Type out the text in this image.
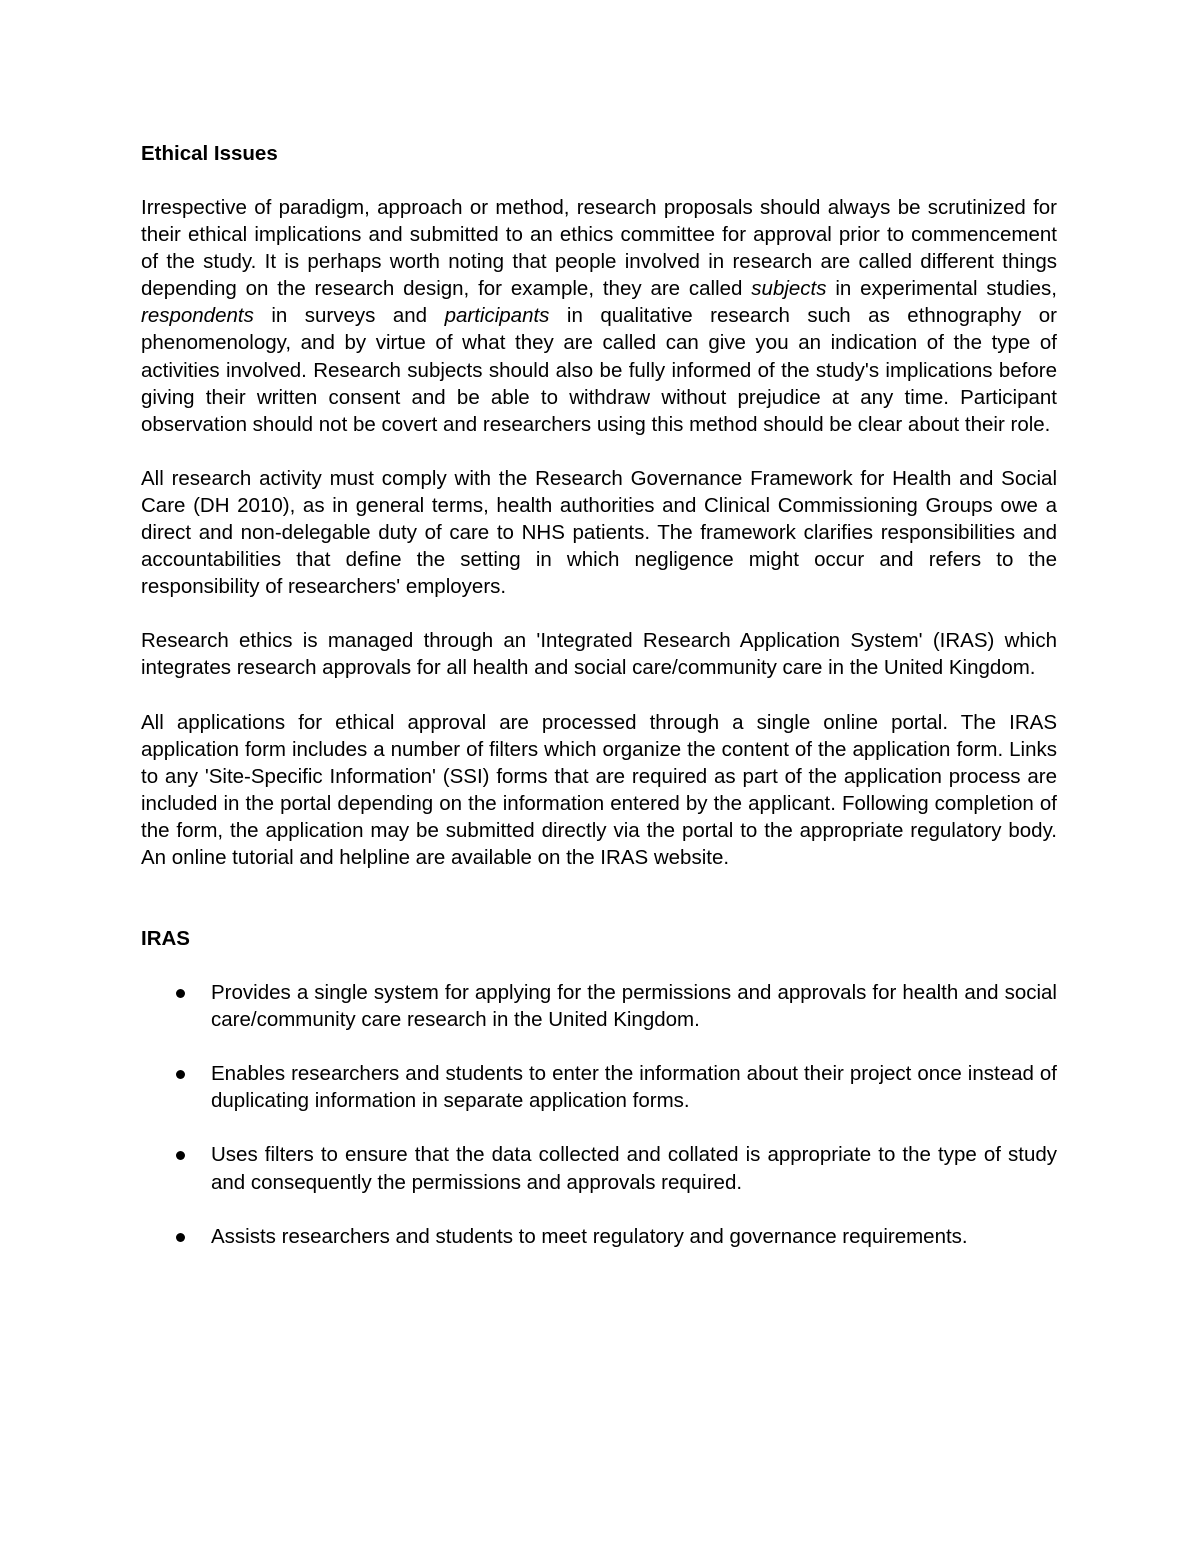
Ethical Issues

Irrespective of paradigm, approach or method, research proposals should always be scrutinized for their ethical implications and submitted to an ethics committee for approval prior to commencement of the study. It is perhaps worth noting that people involved in research are called different things depending on the research design, for example, they are called subjects in experimental studies, respondents in surveys and participants in qualitative research such as ethnography or phenomenology, and by virtue of what they are called can give you an indication of the type of activities involved. Research subjects should also be fully informed of the study's implications before giving their written consent and be able to withdraw without prejudice at any time. Participant observation should not be covert and researchers using this method should be clear about their role.

All research activity must comply with the Research Governance Framework for Health and Social Care (DH 2010), as in general terms, health authorities and Clinical Commissioning Groups owe a direct and non-delegable duty of care to NHS patients. The framework clarifies responsibilities and accountabilities that define the setting in which negligence might occur and refers to the responsibility of researchers' employers.

Research ethics is managed through an 'Integrated Research Application System' (IRAS) which integrates research approvals for all health and social care/community care in the United Kingdom.

All applications for ethical approval are processed through a single online portal. The IRAS application form includes a number of filters which organize the content of the application form. Links to any 'Site-Specific Information' (SSI) forms that are required as part of the application process are included in the portal depending on the information entered by the applicant. Following completion of the form, the application may be submitted directly via the portal to the appropriate regulatory body. An online tutorial and helpline are available on the IRAS website.

IRAS
Provides a single system for applying for the permissions and approvals for health and social care/community care research in the United Kingdom.
Enables researchers and students to enter the information about their project once instead of duplicating information in separate application forms.
Uses filters to ensure that the data collected and collated is appropriate to the type of study and consequently the permissions and approvals required.
Assists researchers and students to meet regulatory and governance requirements.
